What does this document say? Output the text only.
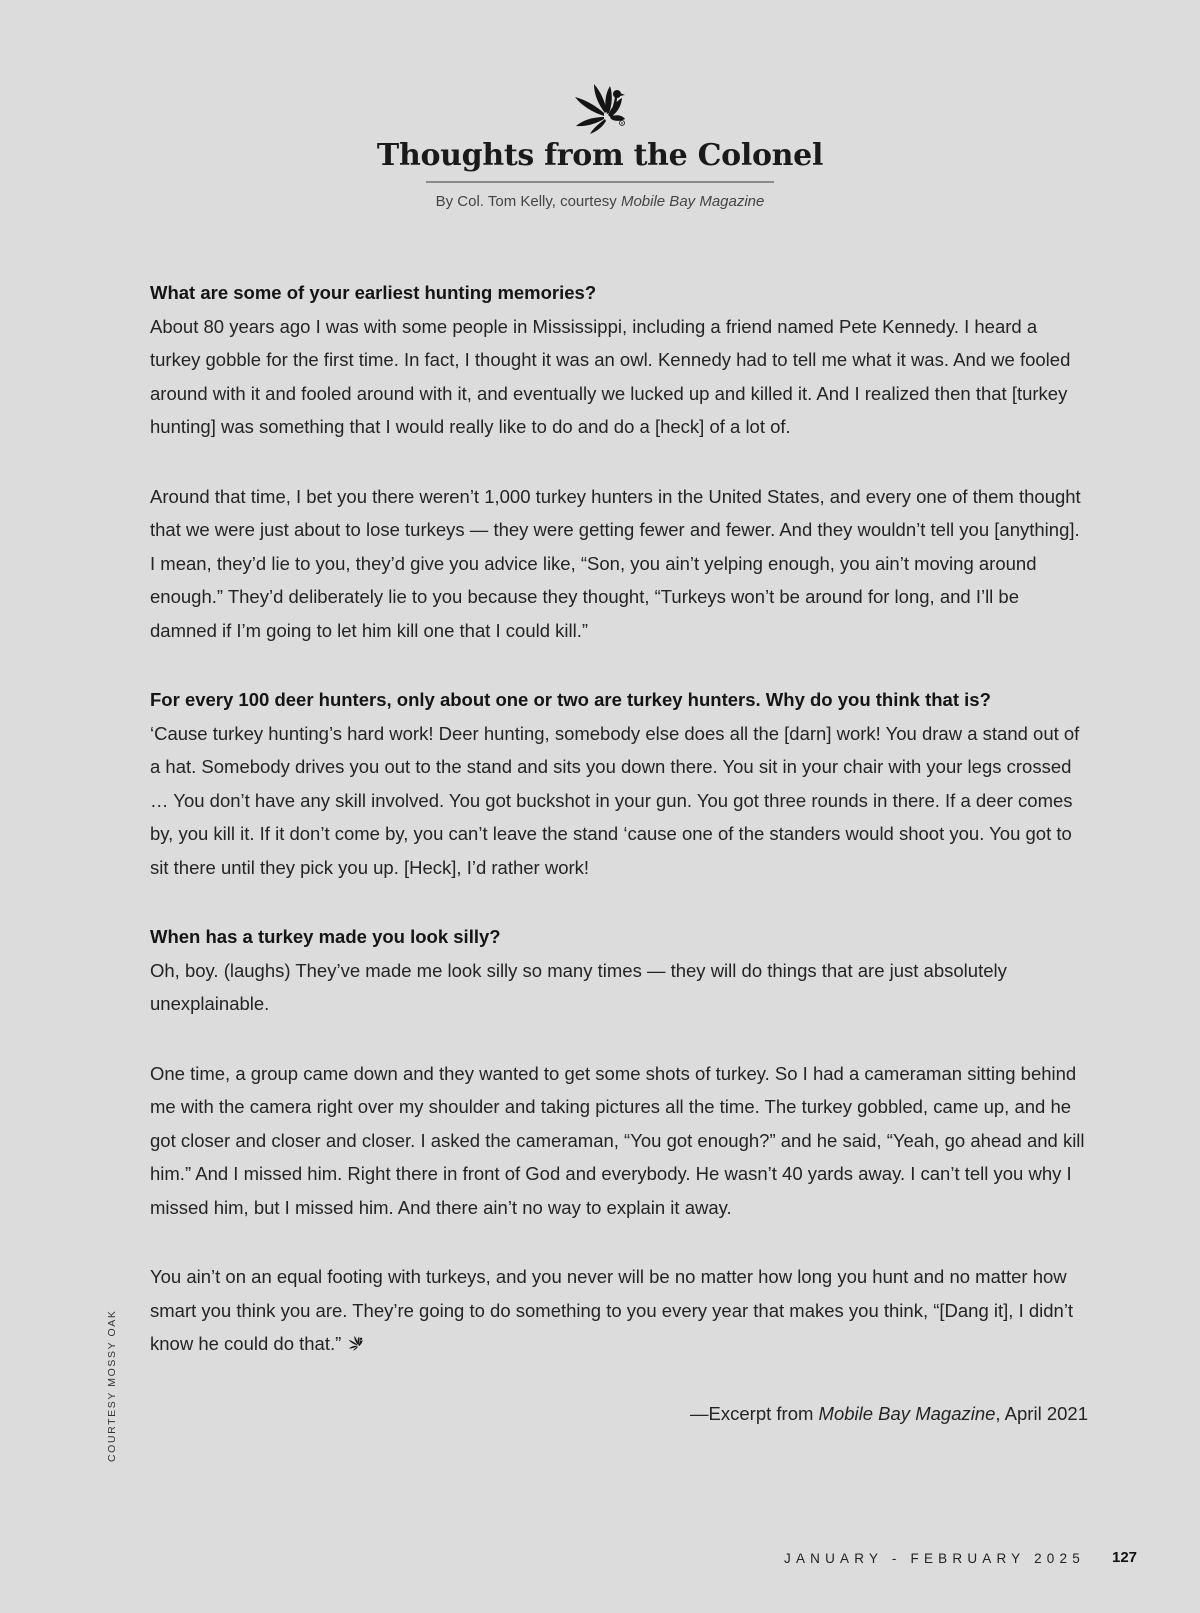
R
Thoughts from the Colonel
By Col. Tom Kelly, courtesy Mobile Bay Magazine

What are some of your earliest hunting memories?
About 80 years ago I was with some people in Mississippi, including a friend named Pete Kennedy. I heard a turkey gobble for the first time. In fact, I thought it was an owl. Kennedy had to tell me what it was. And we fooled around with it and fooled around with it, and eventually we lucked up and killed it. And I realized then that [turkey hunting] was something that I would really like to do and do a [heck] of a lot of.

Around that time, I bet you there weren’t 1,000 turkey hunters in the United States, and every one of them thought that we were just about to lose turkeys — they were getting fewer and fewer. And they wouldn’t tell you [anything]. I mean, they’d lie to you, they’d give you advice like, “Son, you ain’t yelping enough, you ain’t moving around enough.” They’d deliberately lie to you because they thought, “Turkeys won’t be around for long, and I’ll be damned if I’m going to let him kill one that I could kill.”

For every 100 deer hunters, only about one or two are turkey hunters. Why do you think that is?
‘Cause turkey hunting’s hard work! Deer hunting, somebody else does all the [darn] work! You draw a stand out of a hat. Somebody drives you out to the stand and sits you down there. You sit in your chair with your legs crossed … You don’t have any skill involved. You got buckshot in your gun. You got three rounds in there. If a deer comes by, you kill it. If it don’t come by, you can’t leave the stand ‘cause one of the standers would shoot you. You got to sit there until they pick you up. [Heck], I’d rather work!

When has a turkey made you look silly?
Oh, boy. (laughs) They’ve made me look silly so many times — they will do things that are just absolutely unexplainable.

One time, a group came down and they wanted to get some shots of turkey. So I had a cameraman sitting behind me with the camera right over my shoulder and taking pictures all the time. The turkey gobbled, came up, and he got closer and closer and closer. I asked the cameraman, “You got enough?” and he said, “Yeah, go ahead and kill him.” And I missed him. Right there in front of God and everybody. He wasn’t 40 yards away. I can’t tell you why I missed him, but I missed him. And there ain’t no way to explain it away.

You ain’t on an equal footing with turkeys, and you never will be no matter how long you hunt and no matter how smart you think you are. They’re going to do something to you every year that makes you think, “[Dang it], I didn’t know he could do that.”

—Excerpt from Mobile Bay Magazine, April 2021

COURTESY MOSSY OAK
JANUARY - FEBRUARY 2025 127
